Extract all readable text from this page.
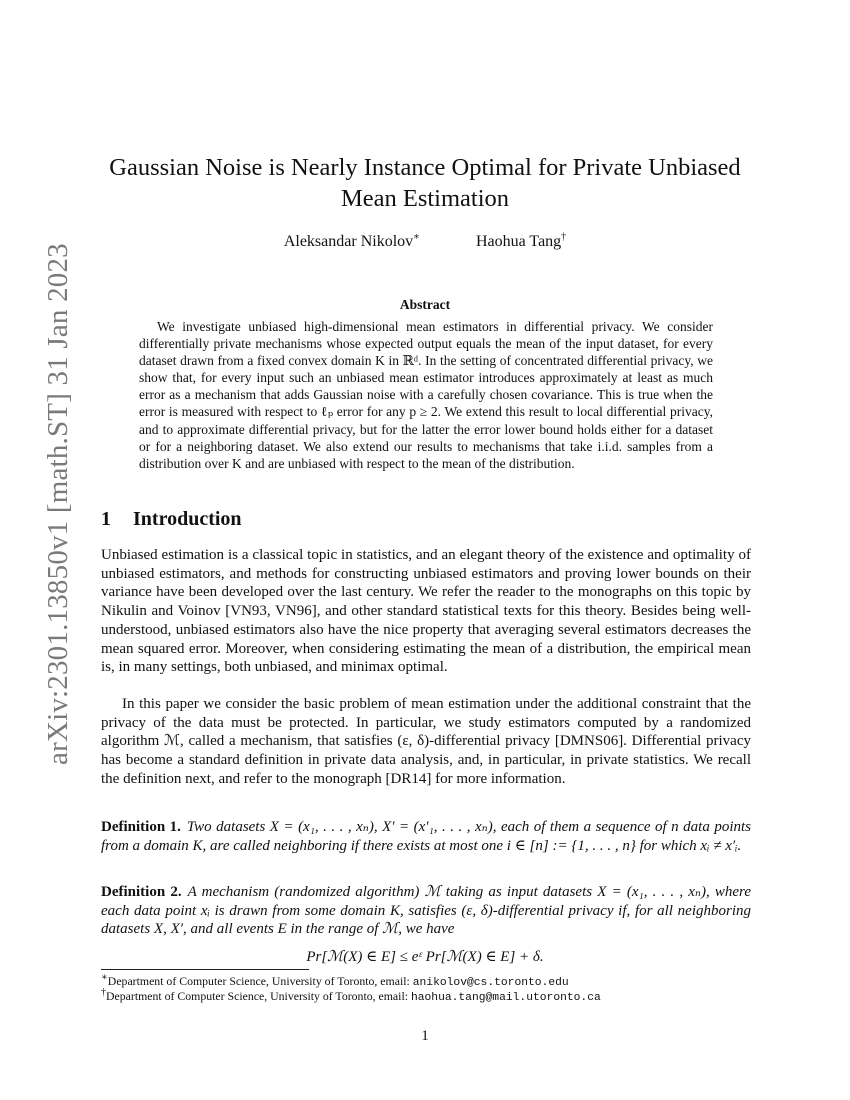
arXiv:2301.13850v1 [math.ST] 31 Jan 2023
Gaussian Noise is Nearly Instance Optimal for Private Unbiased Mean Estimation
Aleksandar Nikolov∗	Haohua Tang†
Abstract

We investigate unbiased high-dimensional mean estimators in differential privacy. We consider differentially private mechanisms whose expected output equals the mean of the input dataset, for every dataset drawn from a fixed convex domain K in ℝᵈ. In the setting of concentrated differential privacy, we show that, for every input such an unbiased mean estimator introduces approximately at least as much error as a mechanism that adds Gaussian noise with a carefully chosen covariance. This is true when the error is measured with respect to ℓₚ error for any p ≥ 2. We extend this result to local differential privacy, and to approximate differential privacy, but for the latter the error lower bound holds either for a dataset or for a neighboring dataset. We also extend our results to mechanisms that take i.i.d. samples from a distribution over K and are unbiased with respect to the mean of the distribution.

1 Introduction

Unbiased estimation is a classical topic in statistics, and an elegant theory of the existence and optimality of unbiased estimators, and methods for constructing unbiased estimators and proving lower bounds on their variance have been developed over the last century. We refer the reader to the monographs on this topic by Nikulin and Voinov [VN93, VN96], and other standard statistical texts for this theory. Besides being well-understood, unbiased estimators also have the nice property that averaging several estimators decreases the mean squared error. Moreover, when considering estimating the mean of a distribution, the empirical mean is, in many settings, both unbiased, and minimax optimal.

In this paper we consider the basic problem of mean estimation under the additional constraint that the privacy of the data must be protected. In particular, we study estimators computed by a randomized algorithm ℳ, called a mechanism, that satisfies (ε, δ)-differential privacy [DMNS06]. Differential privacy has become a standard definition in private data analysis, and, in particular, in private statistics. We recall the definition next, and refer to the monograph [DR14] for more information.

Definition 1. Two datasets X = (x₁, . . . , xₙ), X′ = (x′₁, . . . , xₙ), each of them a sequence of n data points from a domain K, are called neighboring if there exists at most one i ∈ [n] := {1, . . . , n} for which xᵢ ≠ x′ᵢ.

Definition 2. A mechanism (randomized algorithm) ℳ taking as input datasets X = (x₁, . . . , xₙ), where each data point xᵢ is drawn from some domain K, satisfies (ε, δ)-differential privacy if, for all neighboring datasets X, X′, and all events E in the range of ℳ, we have

Pr[ℳ(X) ∈ E] ≤ eᵋ Pr[ℳ(X) ∈ E] + δ.
∗Department of Computer Science, University of Toronto, email: anikolov@cs.toronto.edu
†Department of Computer Science, University of Toronto, email: haohua.tang@mail.utoronto.ca
1
